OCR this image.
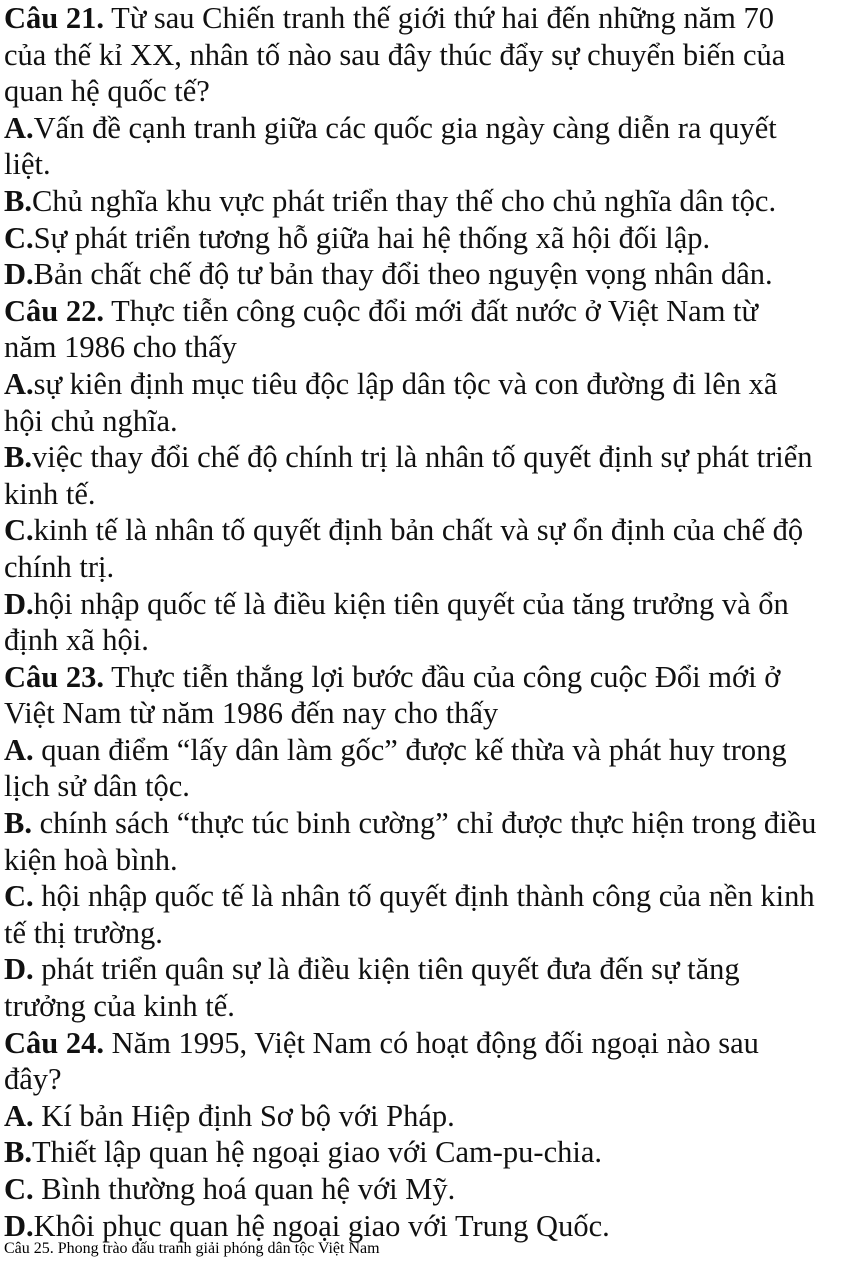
Câu 21. Từ sau Chiến tranh thế giới thứ hai đến những năm 70
của thế kỉ XX, nhân tố nào sau đây thúc đẩy sự chuyển biến của
quan hệ quốc tế?
A.Vấn đề cạnh tranh giữa các quốc gia ngày càng diễn ra quyết
liệt.
B.Chủ nghĩa khu vực phát triển thay thế cho chủ nghĩa dân tộc.
C.Sự phát triển tương hỗ giữa hai hệ thống xã hội đối lập.
D.Bản chất chế độ tư bản thay đổi theo nguyện vọng nhân dân.
Câu 22. Thực tiễn công cuộc đổi mới đất nước ở Việt Nam từ
năm 1986 cho thấy
A.sự kiên định mục tiêu độc lập dân tộc và con đường đi lên xã
hội chủ nghĩa.
B.việc thay đổi chế độ chính trị là nhân tố quyết định sự phát triển
kinh tế.
C.kinh tế là nhân tố quyết định bản chất và sự ổn định của chế độ
chính trị.
D.hội nhập quốc tế là điều kiện tiên quyết của tăng trưởng và ổn
định xã hội.
Câu 23. Thực tiễn thắng lợi bước đầu của công cuộc Đổi mới ở
Việt Nam từ năm 1986 đến nay cho thấy
A. quan điểm “lấy dân làm gốc” được kế thừa và phát huy trong
lịch sử dân tộc.
B. chính sách “thực túc binh cường” chỉ được thực hiện trong điều
kiện hoà bình.
C. hội nhập quốc tế là nhân tố quyết định thành công của nền kinh
tế thị trường.
D. phát triển quân sự là điều kiện tiên quyết đưa đến sự tăng
trưởng của kinh tế.
Câu 24. Năm 1995, Việt Nam có hoạt động đối ngoại nào sau
đây?
A. Kí bản Hiệp định Sơ bộ với Pháp.
B.Thiết lập quan hệ ngoại giao với Cam-pu-chia.
C. Bình thường hoá quan hệ với Mỹ.
D.Khôi phục quan hệ ngoại giao với Trung Quốc.
Câu 25. Phong trào đấu tranh giải phóng dân tộc Việt Nam
